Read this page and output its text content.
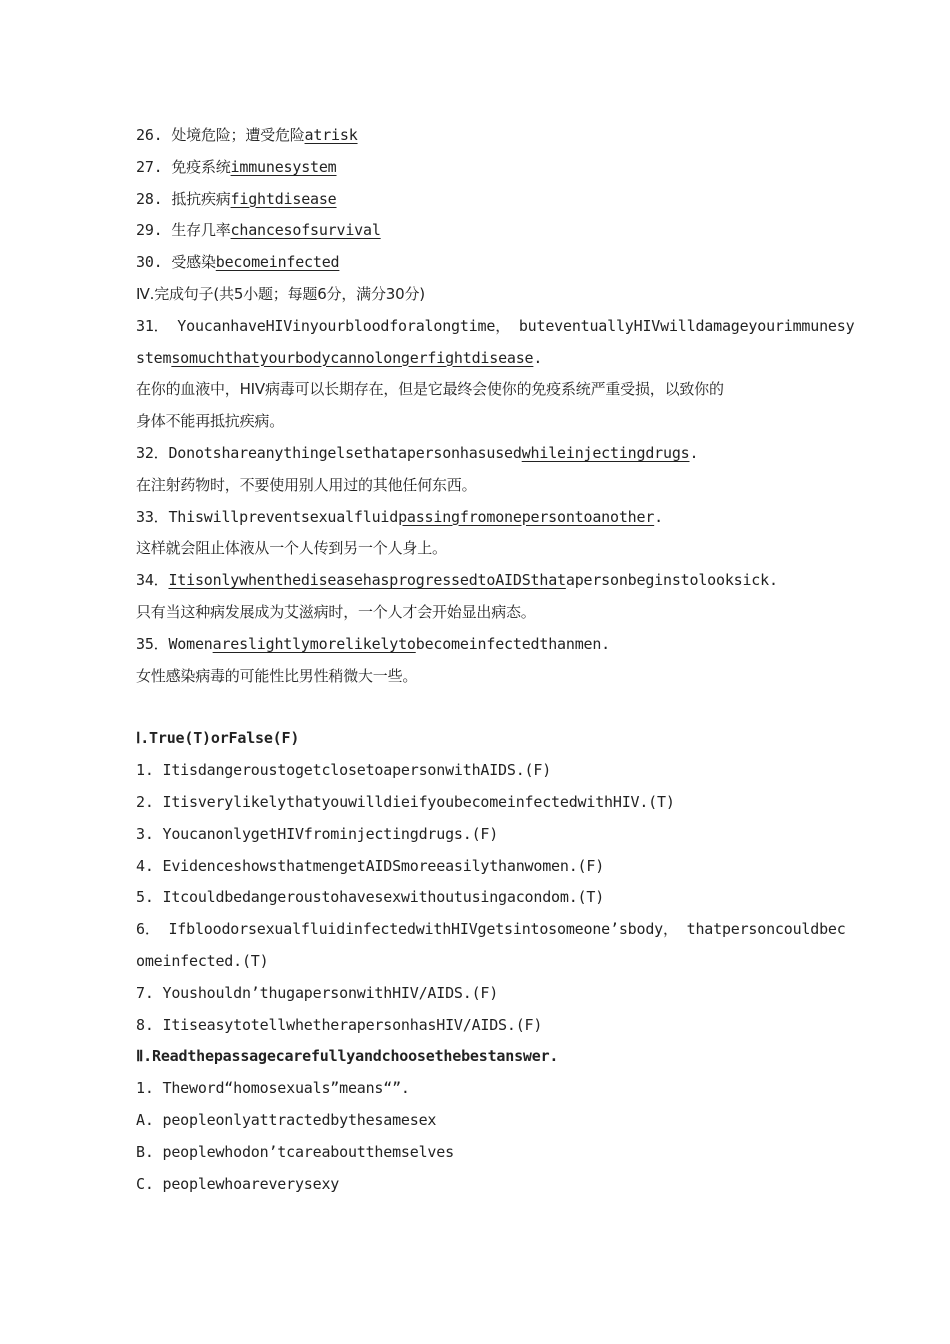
26. 处境危险；遭受危险atrisk
27. 免疫系统immunesystem
28. 抵抗疾病fightdisease
29. 生存几率chancesofsurvival
30. 受感染becomeinfected
Ⅳ.完成句子(共5小题；每题6分，满分30分)
31． YoucanhaveHIVinyourbloodforalongtime， buteventuallyHIVwilldamageyourimmunesy
stemsomuchthatyourbodycannolongerfightdisease.
在你的血液中，HIV病毒可以长期存在，但是它最终会使你的免疫系统严重受损，以致你的
身体不能再抵抗疾病。
32．Donotshareanythingelsethatapersonhasusedwhileinjectingdrugs.
在注射药物时，不要使用别人用过的其他任何东西。
33．Thiswillpreventsexualfluidpassingfromonepersontoanother.
这样就会阻止体液从一个人传到另一个人身上。
34．ItisonlywhenthediseasehasprogressedtoAIDSthatapersonbeginstolooksick.
只有当这种病发展成为艾滋病时，一个人才会开始显出病态。
35．Womenareslightlymorelikelytobecomeinfectedthanmen.
女性感染病毒的可能性比男性稍微大一些。
Ⅰ.True(T)orFalse(F)
1. ItisdangeroustogetclosetoapersonwithAIDS.(F)
2. ItisverylikelythatyouwilldieifyoubecomeinfectedwithHIV.(T)
3. YoucanonlygetHIVfrominjectingdrugs.(F)
4. EvidenceshowsthatmengetAIDSmoreeasilythanwomen.(F)
5. Itcouldbedangeroustohavesexwithoutusingacondom.(T)
6． IfbloodorsexualfluidinfectedwithHIVgetsintosomeone’sbody， thatpersoncouldbec
omeinfected.(T)
7. Youshouldn’thugapersonwithHIV/AIDS.(F)
8. ItiseasytotellwhetherapersonhasHIV/AIDS.(F)
Ⅱ.Readthepassagecarefullyandchoosethebestanswer.
1. Theword“homosexuals”means“”.
A. peopleonlyattractedbythesamesex
B. peoplewhodon’tcareaboutthemselves
C. peoplewhoareverysexy
